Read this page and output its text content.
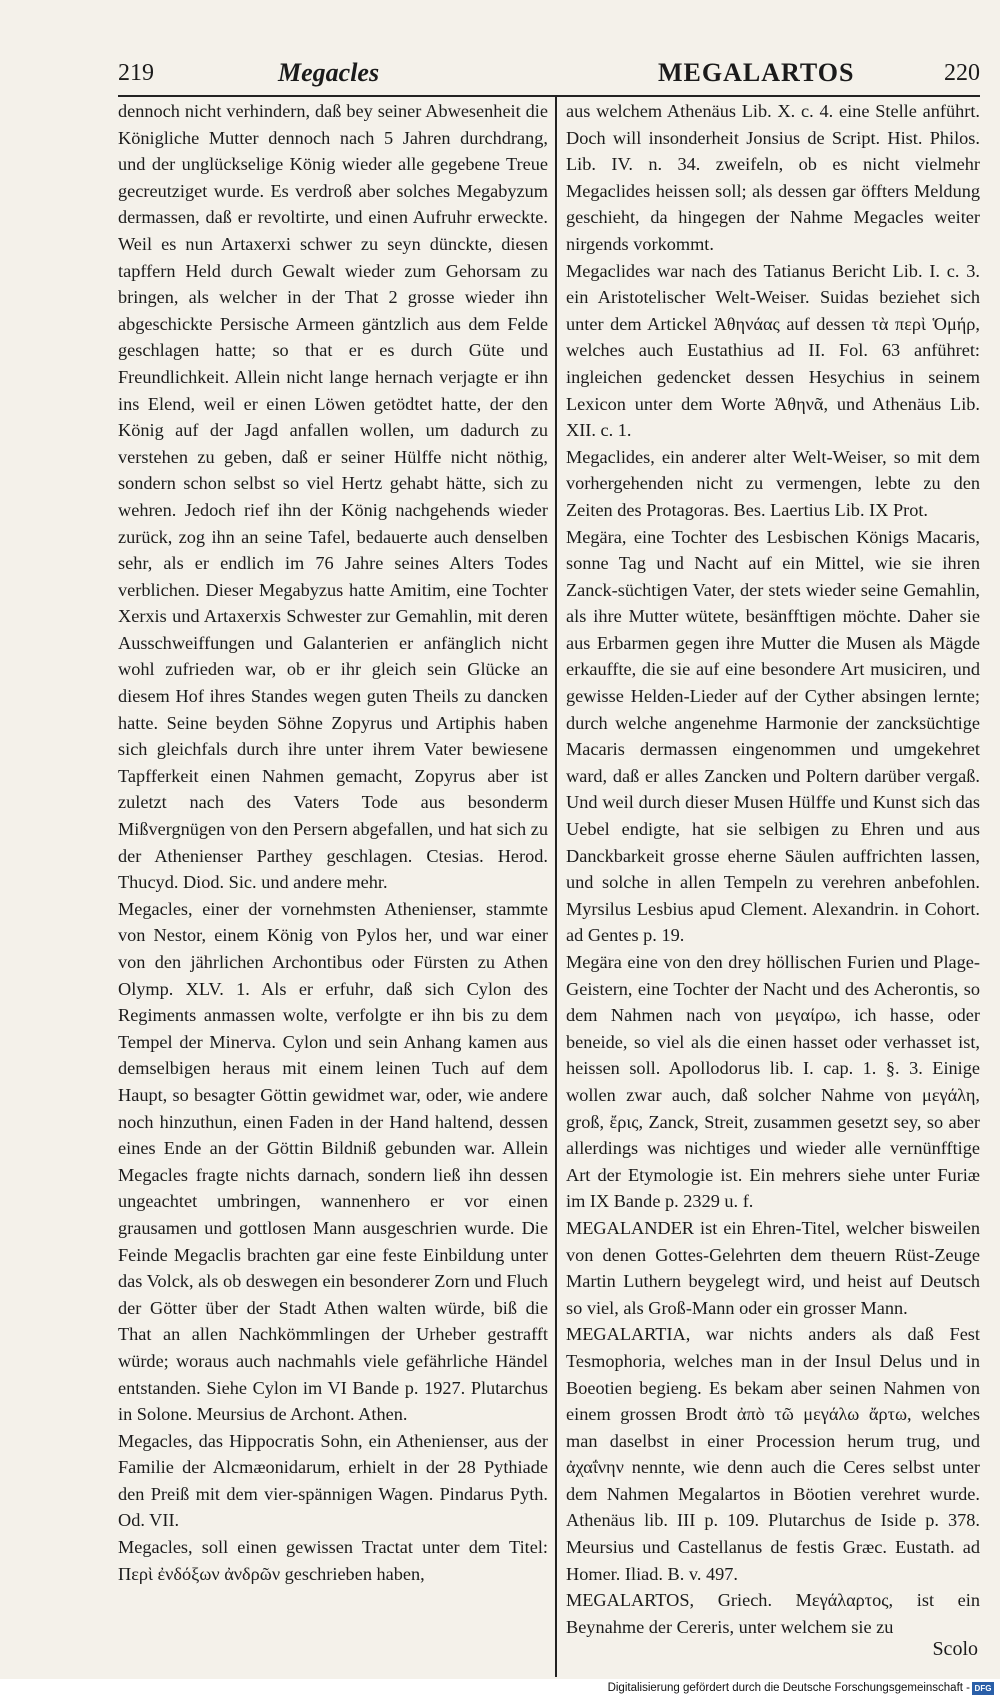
219	Megacles	MEGALARTOS	220

dennoch nicht verhindern, daß bey seiner Abwesenheit die Königliche Mutter dennoch nach 5 Jahren durchdrang, und der unglückselige König wieder alle gegebene Treue gecreutziget wurde. Es verdroß aber solches Megabyzum dermassen, daß er revoltirte, und einen Aufruhr erweckte. Weil es nun Artaxerxi schwer zu seyn dünckte, diesen tapffern Held durch Gewalt wieder zum Gehorsam zu bringen, als welcher in der That 2 grosse wieder ihn abgeschickte Persische Armeen gäntzlich aus dem Felde geschlagen hatte; so that er es durch Güte und Freundlichkeit. Allein nicht lange hernach verjagte er ihn ins Elend, weil er einen Löwen getödtet hatte, der den König auf der Jagd anfallen wollen, um dadurch zu verstehen zu geben, daß er seiner Hülffe nicht nöthig, sondern schon selbst so viel Hertz gehabt hätte, sich zu wehren. Jedoch rief ihn der König nachgehends wieder zurück, zog ihn an seine Tafel, bedauerte auch denselben sehr, als er endlich im 76 Jahre seines Alters Todes verblichen. Dieser Megabyzus hatte Amitim, eine Tochter Xerxis und Artaxerxis Schwester zur Gemahlin, mit deren Ausschweiffungen und Galanterien er anfänglich nicht wohl zufrieden war, ob er ihr gleich sein Glücke an diesem Hof ihres Standes wegen guten Theils zu dancken hatte. Seine beyden Söhne Zopyrus und Artiphis haben sich gleichfals durch ihre unter ihrem Vater bewiesene Tapfferkeit einen Nahmen gemacht, Zopyrus aber ist zuletzt nach des Vaters Tode aus besonderm Mißvergnügen von den Persern abgefallen, und hat sich zu der Athenienser Parthey geschlagen. Ctesias. Herod. Thucyd. Diod. Sic. und andere mehr.

Megacles, einer der vornehmsten Athenienser, stammte von Nestor, einem König von Pylos her, und war einer von den jährlichen Archontibus oder Fürsten zu Athen Olymp. XLV. 1. Als er erfuhr, daß sich Cylon des Regiments anmassen wolte, verfolgte er ihn bis zu dem Tempel der Minerva. Cylon und sein Anhang kamen aus demselbigen heraus mit einem leinen Tuch auf dem Haupt, so besagter Göttin gewidmet war, oder, wie andere noch hinzuthun, einen Faden in der Hand haltend, dessen eines Ende an der Göttin Bildniß gebunden war. Allein Megacles fragte nichts darnach, sondern ließ ihn dessen ungeachtet umbringen, wannenhero er vor einen grausamen und gottlosen Mann ausgeschrien wurde. Die Feinde Megaclis brachten gar eine feste Einbildung unter das Volck, als ob deswegen ein besonderer Zorn und Fluch der Götter über der Stadt Athen walten würde, biß die That an allen Nachkömmlingen der Urheber gestrafft würde; woraus auch nachmahls viele gefährliche Händel entstanden. Siehe Cylon im VI Bande p. 1927. Plutarchus in Solone. Meursius de Archont. Athen.

Megacles, das Hippocratis Sohn, ein Athenienser, aus der Familie der Alcmæonidarum, erhielt in der 28 Pythiade den Preiß mit dem vier-spännigen Wagen. Pindarus Pyth. Od. VII.

Megacles, soll einen gewissen Tractat unter dem Titel: Περὶ ἐνδόξων ἀνδρῶν geschrieben haben,

aus welchem Athenäus Lib. X. c. 4. eine Stelle anführt. Doch will insonderheit Jonsius de Script. Hist. Philos. Lib. IV. n. 34. zweifeln, ob es nicht vielmehr Megaclides heissen soll; als dessen gar öffters Meldung geschieht, da hingegen der Nahme Megacles weiter nirgends vorkommt.

Megaclides war nach des Tatianus Bericht Lib. I. c. 3. ein Aristotelischer Welt-Weiser. Suidas beziehet sich unter dem Artickel Ἀθηνάας auf dessen τὰ περὶ Ὁμήρ, welches auch Eustathius ad II. Fol. 63 anführet: ingleichen gedencket dessen Hesychius in seinem Lexicon unter dem Worte Ἀθηνᾶ, und Athenäus Lib. XII. c. 1.

Megaclides, ein anderer alter Welt-Weiser, so mit dem vorhergehenden nicht zu vermengen, lebte zu den Zeiten des Protagoras. Bes. Laertius Lib. IX Prot.

Megära, eine Tochter des Lesbischen Königs Macaris, sonne Tag und Nacht auf ein Mittel, wie sie ihren Zanck-süchtigen Vater, der stets wieder seine Gemahlin, als ihre Mutter wütete, besänfftigen möchte. Daher sie aus Erbarmen gegen ihre Mutter die Musen als Mägde erkauffte, die sie auf eine besondere Art musiciren, und gewisse Helden-Lieder auf der Cyther absingen lernte; durch welche angenehme Harmonie der zancksüchtige Macaris dermassen eingenommen und umgekehret ward, daß er alles Zancken und Poltern darüber vergaß. Und weil durch dieser Musen Hülffe und Kunst sich das Uebel endigte, hat sie selbigen zu Ehren und aus Danckbarkeit grosse eherne Säulen auffrichten lassen, und solche in allen Tempeln zu verehren anbefohlen. Myrsilus Lesbius apud Clement. Alexandrin. in Cohort. ad Gentes p. 19.

Megära eine von den drey höllischen Furien und Plage-Geistern, eine Tochter der Nacht und des Acherontis, so dem Nahmen nach von μεγαίρω, ich hasse, oder beneide, so viel als die einen hasset oder verhasset ist, heissen soll. Apollodorus lib. I. cap. 1. §. 3. Einige wollen zwar auch, daß solcher Nahme von μεγάλη, groß, ἔρις, Zanck, Streit, zusammen gesetzt sey, so aber allerdings was nichtiges und wieder alle vernünfftige Art der Etymologie ist. Ein mehrers siehe unter Furiæ im IX Bande p. 2329 u. f.

MEGALANDER ist ein Ehren-Titel, welcher bisweilen von denen Gottes-Gelehrten dem theuern Rüst-Zeuge Martin Luthern beygelegt wird, und heist auf Deutsch so viel, als Groß-Mann oder ein grosser Mann.

MEGALARTIA, war nichts anders als daß Fest Tesmophoria, welches man in der Insul Delus und in Boeotien begieng. Es bekam aber seinen Nahmen von einem grossen Brodt ἀπὸ τῶ μεγάλω ἄρτω, welches man daselbst in einer Procession herum trug, und ἀχαΐνην nennte, wie denn auch die Ceres selbst unter dem Nahmen Megalartos in Böotien verehret wurde. Athenäus lib. III p. 109. Plutarchus de Iside p. 378. Meursius und Castellanus de festis Græc. Eustath. ad Homer. Iliad. B. v. 497.

MEGALARTOS, Griech. Μεγάλαρτος, ist ein Beynahme der Cereris, unter welchem sie zu

Scolo
Digitalisierung gefördert durch die Deutsche Forschungsgemeinschaft - DFG
